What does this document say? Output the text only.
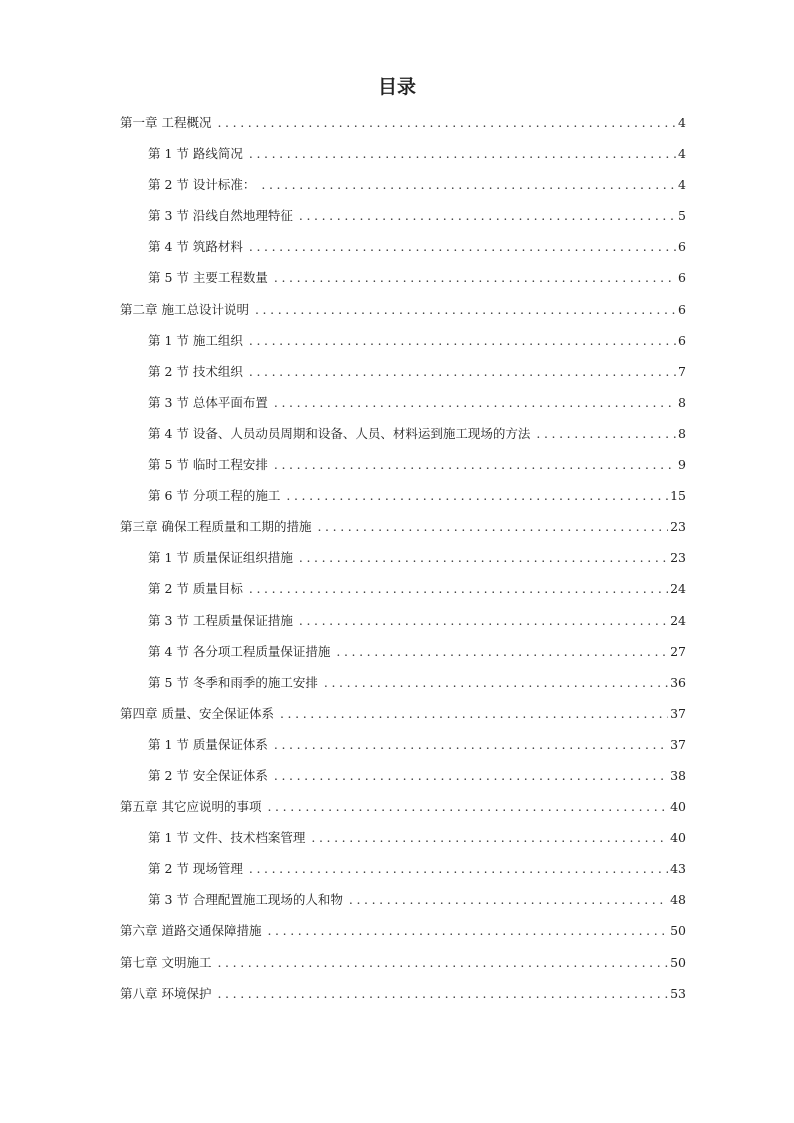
目录
第一章 工程概况 .....	4
第 1 节 路线简况 .....	4
第 2 节 设计标准： .....	4
第 3 节 沿线自然地理特征 .....	5
第 4 节 筑路材料 .....	6
第 5 节 主要工程数量 .....	6
第二章 施工总设计说明 .....	6
第 1 节 施工组织 .....	6
第 2 节 技术组织 .....	7
第 3 节 总体平面布置 .....	8
第 4 节 设备、人员动员周期和设备、人员、材料运到施工现场的方法 .....	8
第 5 节 临时工程安排 .....	9
第 6 节 分项工程的施工 .....	15
第三章 确保工程质量和工期的措施 .....	23
第 1 节 质量保证组织措施 .....	23
第 2 节 质量目标 .....	24
第 3 节 工程质量保证措施 .....	24
第 4 节 各分项工程质量保证措施 .....	27
第 5 节 冬季和雨季的施工安排 .....	36
第四章 质量、安全保证体系 .....	37
第 1 节 质量保证体系 .....	37
第 2 节 安全保证体系 .....	38
第五章 其它应说明的事项 .....	40
第 1 节 文件、技术档案管理 .....	40
第 2 节 现场管理 .....	43
第 3 节 合理配置施工现场的人和物 .....	48
第六章 道路交通保障措施 .....	50
第七章 文明施工 .....	50
第八章 环境保护 .....	53
